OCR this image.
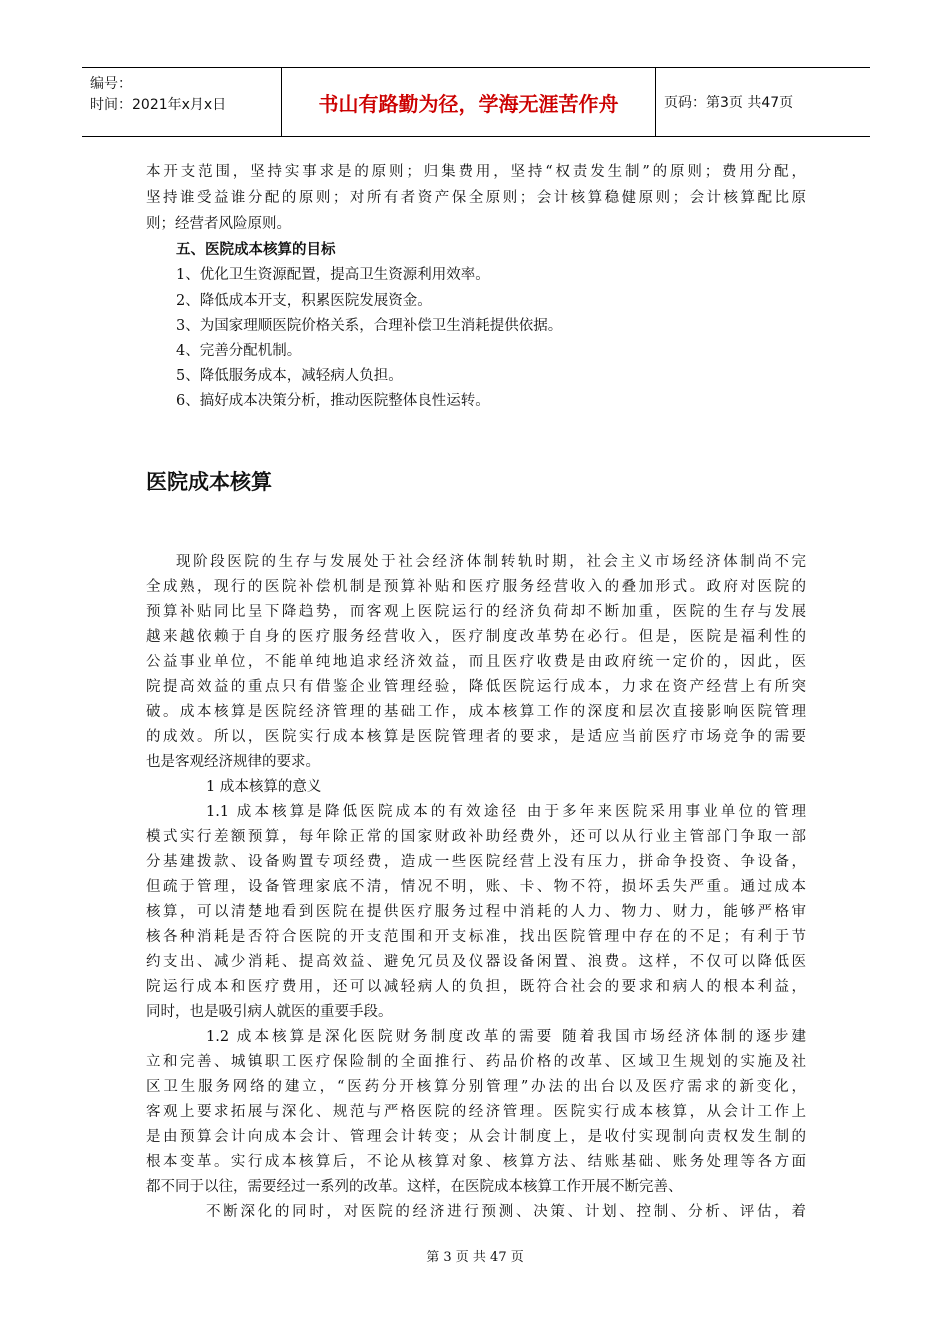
编号：
时间：2021年x月x日	书山有路勤为径，学海无涯苦作舟	页码：第3页 共47页
本开支范围，坚持实事求是的原则；归集费用，坚持“权责发生制”的原则；费用分配，
坚持谁受益谁分配的原则；对所有者资产保全原则；会计核算稳健原则；会计核算配比原
则；经营者风险原则。
五、医院成本核算的目标
1、优化卫生资源配置，提高卫生资源利用效率。
2、降低成本开支，积累医院发展资金。
3、为国家理顺医院价格关系，合理补偿卫生消耗提供依据。
4、完善分配机制。
5、降低服务成本，减轻病人负担。
6、搞好成本决策分析，推动医院整体良性运转。
医院成本核算
现阶段医院的生存与发展处于社会经济体制转轨时期，社会主义市场经济体制尚不完
全成熟，现行的医院补偿机制是预算补贴和医疗服务经营收入的叠加形式。政府对医院的
预算补贴同比呈下降趋势，而客观上医院运行的经济负荷却不断加重，医院的生存与发展
越来越依赖于自身的医疗服务经营收入，医疗制度改革势在必行。但是，医院是福利性的
公益事业单位，不能单纯地追求经济效益，而且医疗收费是由政府统一定价的，因此，医
院提高效益的重点只有借鉴企业管理经验，降低医院运行成本，力求在资产经营上有所突
破。成本核算是医院经济管理的基础工作，成本核算工作的深度和层次直接影响医院管理
的成效。所以，医院实行成本核算是医院管理者的要求，是适应当前医疗市场竞争的需要
也是客观经济规律的要求。
1 成本核算的意义
1.1 成本核算是降低医院成本的有效途径 由于多年来医院采用事业单位的管理
模式实行差额预算，每年除正常的国家财政补助经费外，还可以从行业主管部门争取一部
分基建拨款、设备购置专项经费，造成一些医院经营上没有压力，拼命争投资、争设备，
但疏于管理，设备管理家底不清，情况不明，账、卡、物不符，损坏丢失严重。通过成本
核算，可以清楚地看到医院在提供医疗服务过程中消耗的人力、物力、财力，能够严格审
核各种消耗是否符合医院的开支范围和开支标准，找出医院管理中存在的不足；有利于节
约支出、减少消耗、提高效益、避免冗员及仪器设备闲置、浪费。这样，不仅可以降低医
院运行成本和医疗费用，还可以减轻病人的负担，既符合社会的要求和病人的根本利益，
同时，也是吸引病人就医的重要手段。
1.2 成本核算是深化医院财务制度改革的需要 随着我国市场经济体制的逐步建
立和完善、城镇职工医疗保险制的全面推行、药品价格的改革、区域卫生规划的实施及社
区卫生服务网络的建立，“医药分开核算分别管理”办法的出台以及医疗需求的新变化，
客观上要求拓展与深化、规范与严格医院的经济管理。医院实行成本核算，从会计工作上
是由预算会计向成本会计、管理会计转变；从会计制度上，是收付实现制向责权发生制的
根本变革。实行成本核算后，不论从核算对象、核算方法、结账基础、账务处理等各方面
都不同于以往，需要经过一系列的改革。这样，在医院成本核算工作开展不断完善、
不断深化的同时，对医院的经济进行预测、决策、计划、控制、分析、评估，着
第 3 页 共 47 页
